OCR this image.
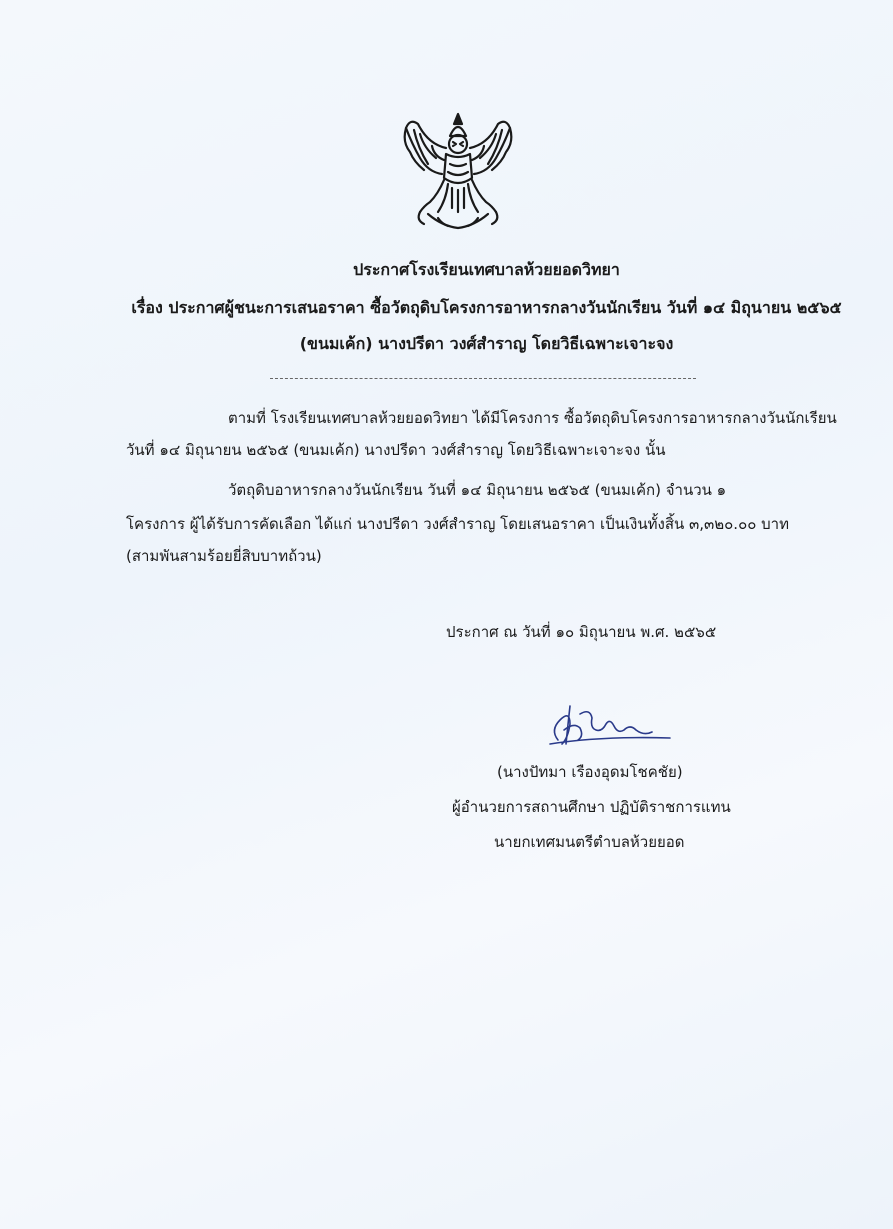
ประกาศโรงเรียนเทศบาลห้วยยอดวิทยา
เรื่อง ประกาศผู้ชนะการเสนอราคา ซื้อวัตถุดิบโครงการอาหารกลางวันนักเรียน วันที่ ๑๔ มิถุนายน ๒๕๖๕
(ขนมเค้ก) นางปรีดา วงศ์สำราญ โดยวิธีเฉพาะเจาะจง
ตามที่ โรงเรียนเทศบาลห้วยยอดวิทยา ได้มีโครงการ ซื้อวัตถุดิบโครงการอาหารกลางวันนักเรียน
วันที่ ๑๔ มิถุนายน ๒๕๖๕ (ขนมเค้ก) นางปรีดา วงศ์สำราญ โดยวิธีเฉพาะเจาะจง นั้น
วัตถุดิบอาหารกลางวันนักเรียน วันที่ ๑๔ มิถุนายน ๒๕๖๕ (ขนมเค้ก) จำนวน ๑
โครงการ ผู้ได้รับการคัดเลือก ได้แก่ นางปรีดา วงศ์สำราญ โดยเสนอราคา เป็นเงินทั้งสิ้น ๓,๓๒๐.๐๐ บาท
(สามพันสามร้อยยี่สิบบาทถ้วน)
ประกาศ ณ วันที่ ๑๐ มิถุนายน พ.ศ. ๒๕๖๕
(นางปัทมา เรืองอุดมโชคชัย)
ผู้อำนวยการสถานศึกษา ปฏิบัติราชการแทน
นายกเทศมนตรีตำบลห้วยยอด
